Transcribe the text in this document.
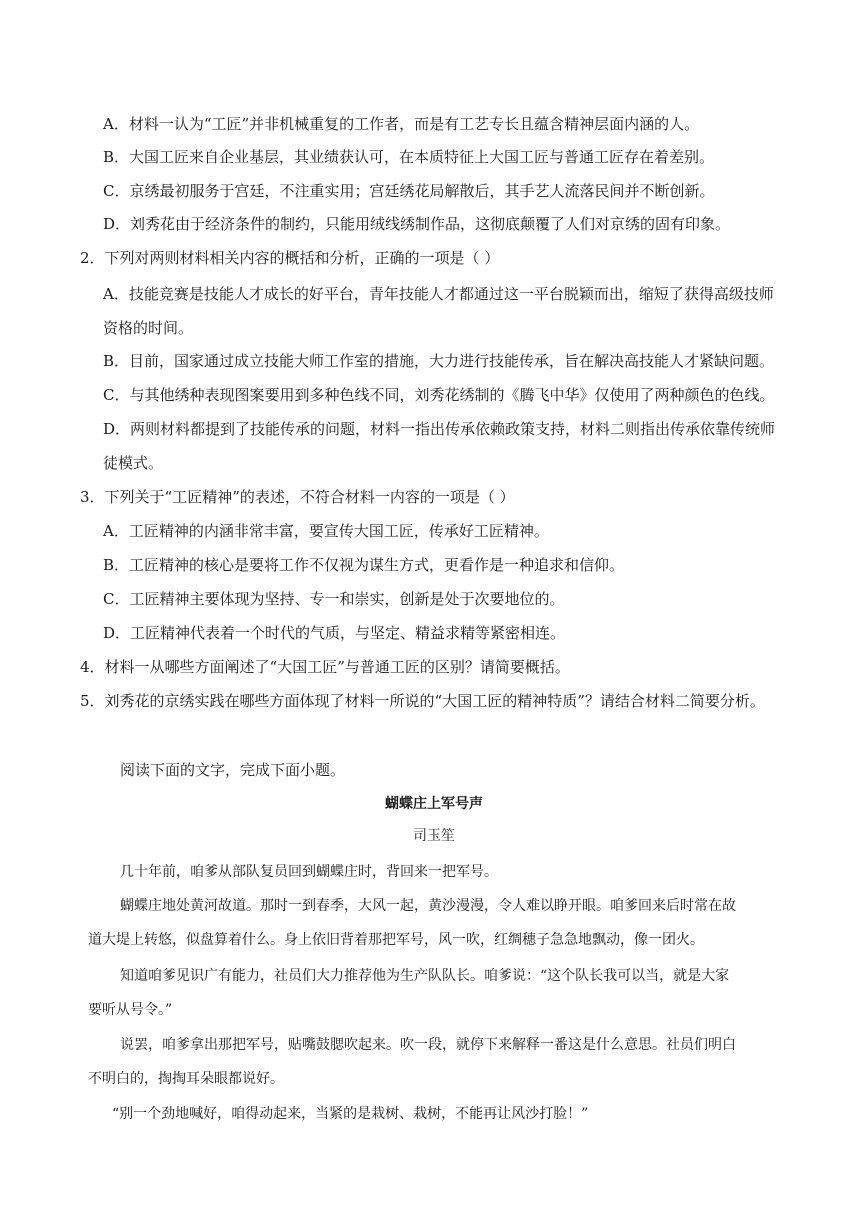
A．材料一认为“工匠”并非机械重复的工作者，而是有工艺专长且蕴含精神层面内涵的人。
B．大国工匠来自企业基层，其业绩获认可，在本质特征上大国工匠与普通工匠存在着差别。
C．京绣最初服务于宫廷，不注重实用；宫廷绣花局解散后，其手艺人流落民间并不断创新。
D．刘秀花由于经济条件的制约，只能用绒线绣制作品，这彻底颠覆了人们对京绣的固有印象。
2．下列对两则材料相关内容的概括和分析，正确的一项是（ ）
A．技能竞赛是技能人才成长的好平台，青年技能人才都通过这一平台脱颖而出，缩短了获得高级技师
资格的时间。
B．目前，国家通过成立技能大师工作室的措施，大力进行技能传承，旨在解决高技能人才紧缺问题。
C．与其他绣种表现图案要用到多种色线不同，刘秀花绣制的《腾飞中华》仅使用了两种颜色的色线。
D．两则材料都提到了技能传承的问题，材料一指出传承依赖政策支持，材料二则指出传承依靠传统师
徒模式。
3．下列关于“工匠精神”的表述，不符合材料一内容的一项是（ ）
A．工匠精神的内涵非常丰富，要宣传大国工匠，传承好工匠精神。
B．工匠精神的核心是要将工作不仅视为谋生方式，更看作是一种追求和信仰。
C．工匠精神主要体现为坚持、专一和崇实，创新是处于次要地位的。
D．工匠精神代表着一个时代的气质，与坚定、精益求精等紧密相连。
4．材料一从哪些方面阐述了“大国工匠”与普通工匠的区别？请简要概括。
5．刘秀花的京绣实践在哪些方面体现了材料一所说的“大国工匠的精神特质”？请结合材料二简要分析。
阅读下面的文字，完成下面小题。
蝴蝶庄上军号声
司玉笙
几十年前，咱爹从部队复员回到蝴蝶庄时，背回来一把军号。
蝴蝶庄地处黄河故道。那时一到春季，大风一起，黄沙漫漫，令人难以睁开眼。咱爹回来后时常在故
道大堤上转悠，似盘算着什么。身上依旧背着那把军号，风一吹，红绸穗子急急地飘动，像一团火。
知道咱爹见识广有能力，社员们大力推荐他为生产队队长。咱爹说：“这个队长我可以当，就是大家
要听从号令。”
说罢，咱爹拿出那把军号，贴嘴鼓腮吹起来。吹一段，就停下来解释一番这是什么意思。社员们明白
不明白的，掏掏耳朵眼都说好。
“别一个劲地喊好，咱得动起来，当紧的是栽树、栽树，不能再让风沙打脸！”
